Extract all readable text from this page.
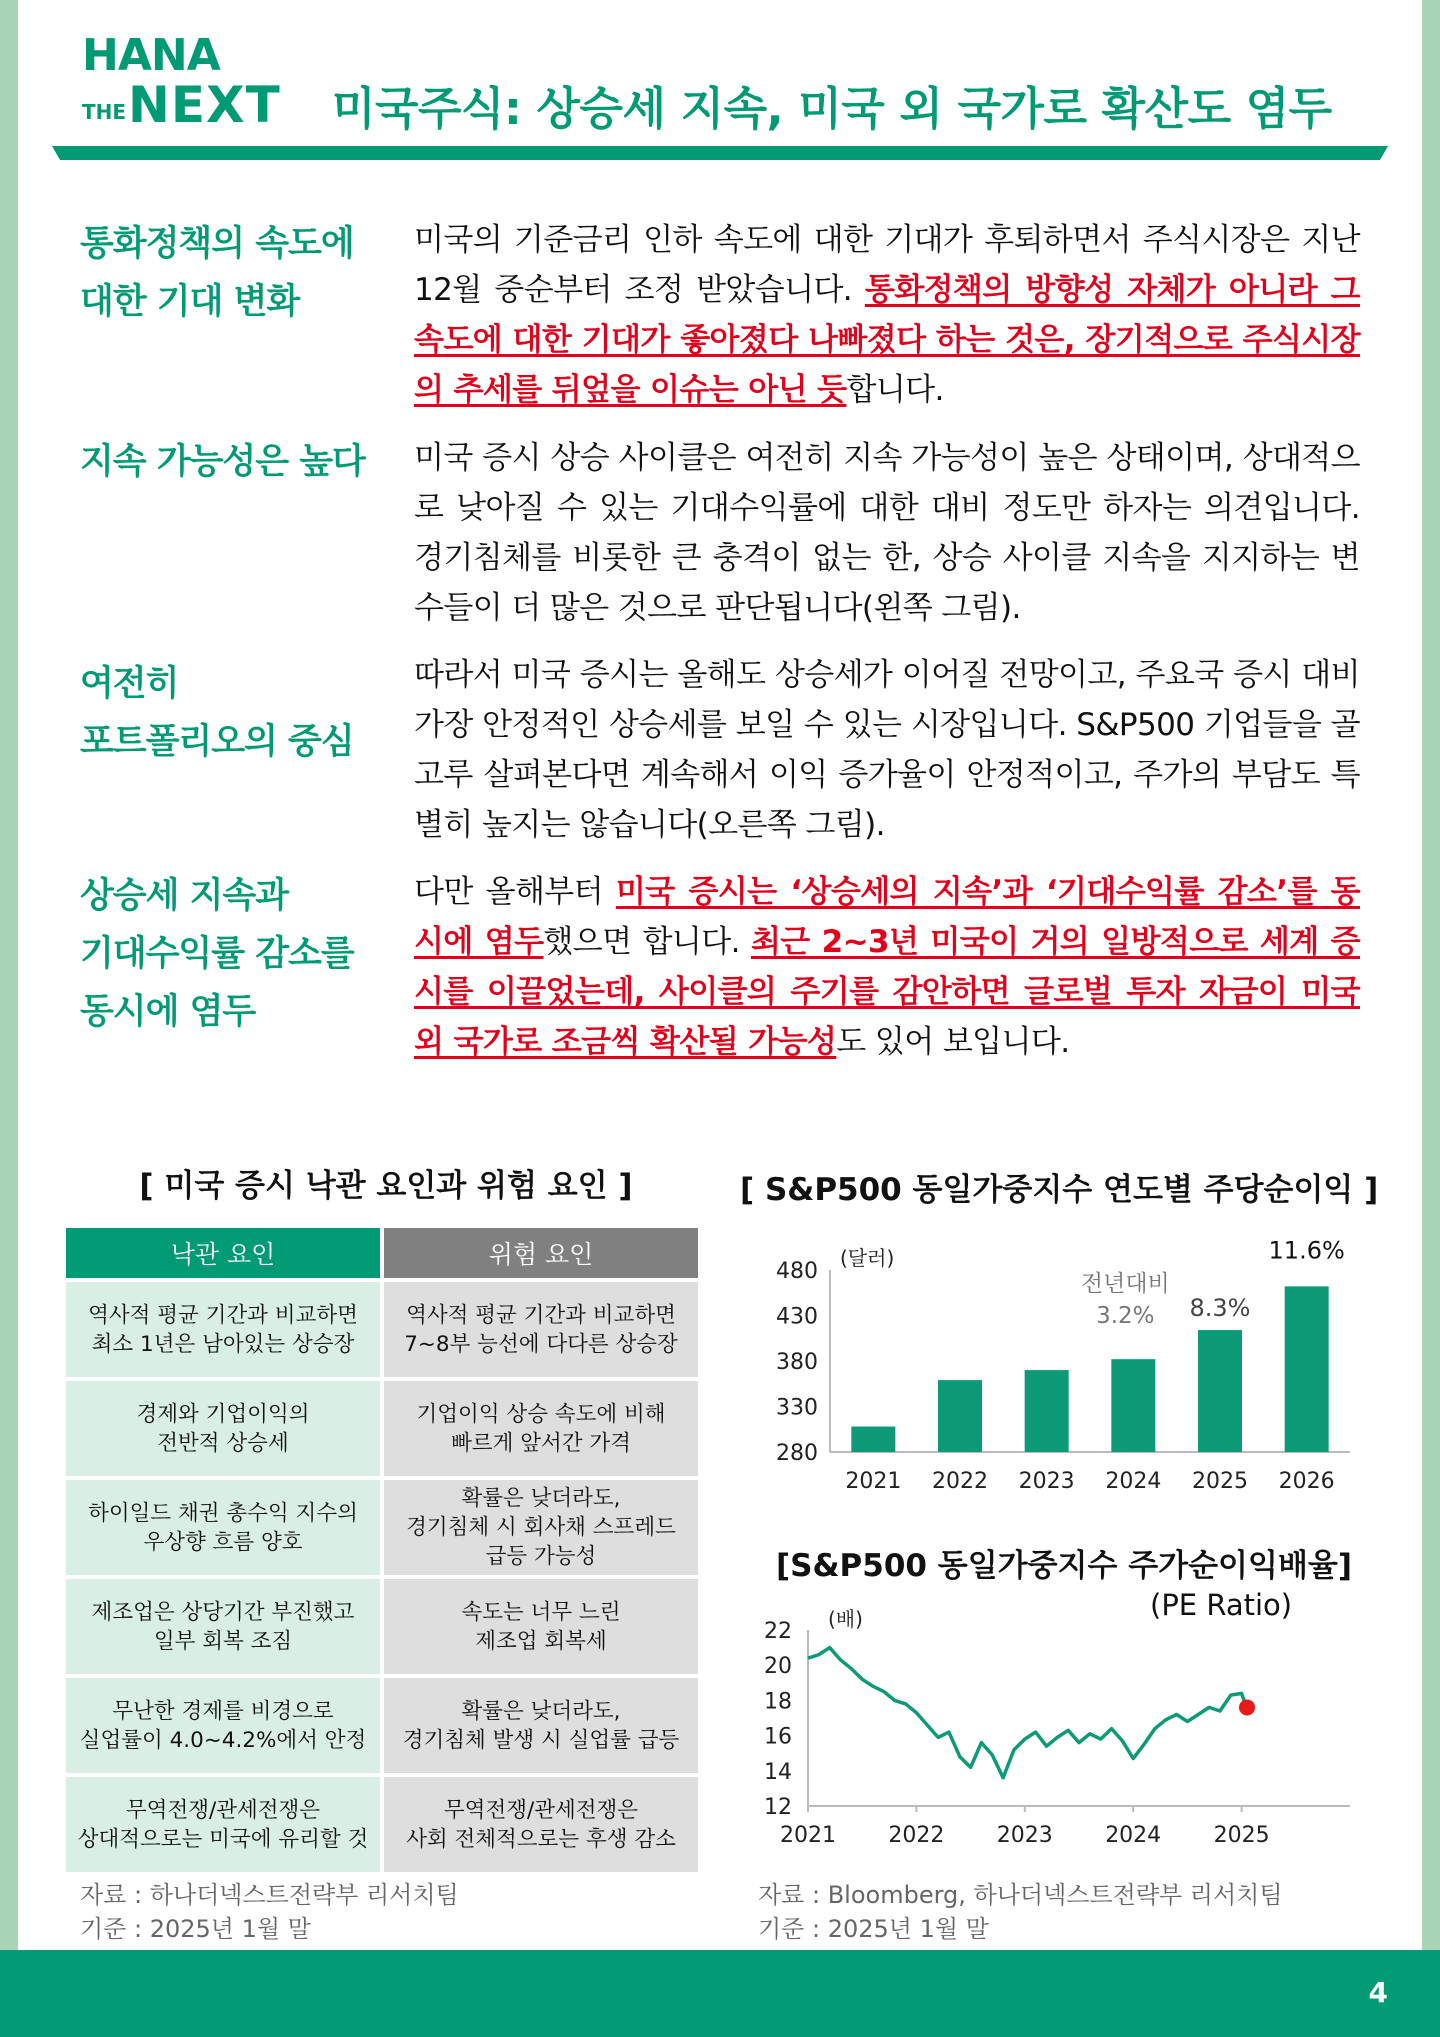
HANA
THE NEXT 미국주식: 상승세 지속, 미국 외 국가로 확산도 염두
통화정책의 속도에
대한 기대 변화
미국의 기준금리 인하 속도에 대한 기대가 후퇴하면서 주식시장은 지난 12월 중순부터 조정 받았습니다. 통화정책의 방향성 자체가 아니라 그 속도에 대한 기대가 좋아졌다 나빠졌다 하는 것은, 장기적으로 주식시장의 추세를 뒤엎을 이슈는 아닌 듯합니다.
지속 가능성은 높다	미국 증시 상승 사이클은 여전히 지속 가능성이 높은 상태이며, 상대적으로 낮아질 수 있는 기대수익률에 대한 대비 정도만 하자는 의견입니다. 경기침체를 비롯한 큰 충격이 없는 한, 상승 사이클 지속을 지지하는 변수들이 더 많은 것으로 판단됩니다(왼쪽 그림).
여전히
포트폴리오의 중심
따라서 미국 증시는 올해도 상승세가 이어질 전망이고, 주요국 증시 대비 가장 안정적인 상승세를 보일 수 있는 시장입니다. S&P500 기업들을 골고루 살펴본다면 계속해서 이익 증가율이 안정적이고, 주가의 부담도 특별히 높지는 않습니다(오른쪽 그림).
상승세 지속과
기대수익률 감소를
동시에 염두
다만 올해부터 미국 증시는 ‘상승세의 지속’과 ‘기대수익률 감소’를 동시에 염두했으면 합니다. 최근 2~3년 미국이 거의 일방적으로 세계 증시를 이끌었는데, 사이클의 주기를 감안하면 글로벌 투자 자금이 미국 외 국가로 조금씩 확산될 가능성도 있어 보입니다.
[ 미국 증시 낙관 요인과 위험 요인 ]
낙관 요인	위험 요인
역사적 평균 기간과 비교하면
최소 1년은 남아있는 상승장
역사적 평균 기간과 비교하면
7~8부 능선에 다다른 상승장
경제와 기업이익의
전반적 상승세
기업이익 상승 속도에 비해
빠르게 앞서간 가격
하이일드 채권 총수익 지수의
우상향 흐름 양호
확률은 낮더라도,
경기침체 시 회사채 스프레드
급등 가능성
제조업은 상당기간 부진했고
일부 회복 조짐
속도는 너무 느린
제조업 회복세
무난한 경제를 비경으로
실업률이 4.0~4.2%에서 안정
확률은 낮더라도,
경기침체 발생 시 실업률 급등
무역전쟁/관세전쟁은
상대적으로는 미국에 유리할 것
무역전쟁/관세전쟁은
사회 전체적으로는 후생 감소
자료 : 하나더넥스트전략부 리서치팀
기준 : 2025년 1월 말
[ S&P500 동일가중지수 연도별 주당순이익 ]
280
330
380
430
480
(달러)
2021 2022 2023 2024 2025 2026
전년대비
3.2% 8.3%
11.6%
[S&P500 동일가중지수 주가순이익배율]
(PE Ratio)
12
14
16
18
20
22
2021 2022 2023 2024 2025
(배)
자료 : Bloomberg, 하나더넥스트전략부 리서치팀
기준 : 2025년 1월 말
4
